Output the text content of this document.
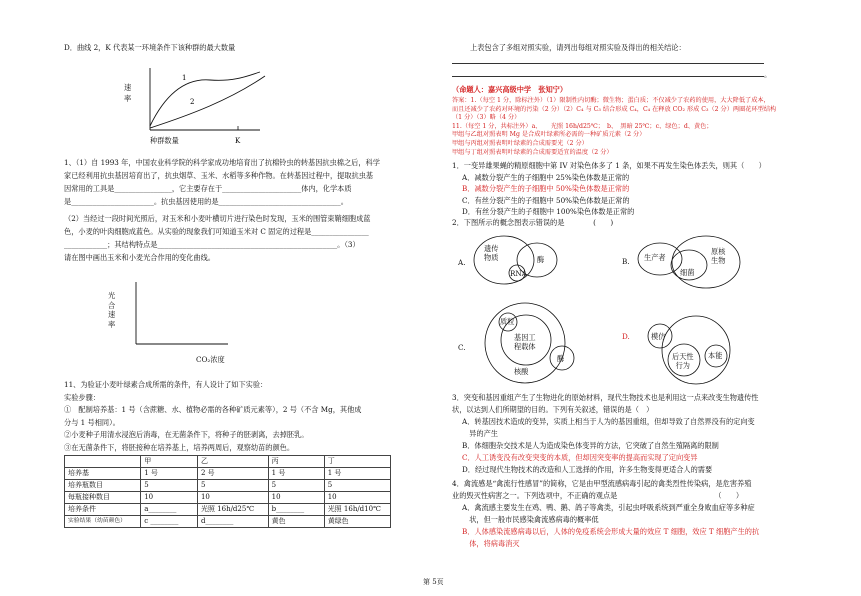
D．曲线 2，K 代表某一环境条件下该种群的最大数量
1
2
K
速
率
种群数量
1、（1）自 1993 年，中国农业科学院的科学家成功地培育出了抗棉铃虫的转基因抗虫棉之后，科学
家已经利用抗虫基因培育出了，抗虫烟草、玉米、水稻等多种作物。在转基因过程中，提取抗虫基
因常用的工具是________________，它主要存在于______________________体内，化学本质
是_______________________。抗虫基因使用的是__________________________________。
（2）当经过一段时间光照后，对玉米和小麦叶横切片进行染色时发现，玉米的围管束鞘细胞成蓝
色，小麦的叶肉细胞成蓝色。从实验的现象我们可知道玉米对 C 固定的过程是________________
____________；其结构特点是__________________________________________________。（3）
请在图中画出玉米和小麦光合作用的变化曲线。
光
合
速
率
CO₂浓度
11、为验证小麦叶绿素合成所需的条件，有人设计了如下实验：
实验步骤：
①　配制培养基：1 号（含蔗糖、水、植物必需的各种矿质元素等），2 号（不含 Mg，其他成
分与 1 号相同）。
②小麦种子用清水浸泡后消毒，在无菌条件下，将种子的胚剥离，去掉胚乳。
③在无菌条件下，将胚接种在培养基上，培养两周后，观察幼苗的颜色。
	甲	乙	丙	丁
培养基	1 号	2 号	1 号	1 号
培养瓶数目	5	5	5	5
每瓶接种数目	10	10	10	10
培养条件	a________	光照 16h/d25℃	b________	光照 16h/d10℃
实验结果（幼苗颜色）	c ________	d________	黄色	黄绿色
上表包含了多组对照实验，请列出每组对照实验及得出的相关结论：
。
（命题人：嘉兴高级中学　张知宁）
答案：1.（每空 1 分，除标注外）（1）限制性内切酶；微生物；蛋白质；不仅减少了农药的使用，大大降低了成本，
而且还减少了农药对环境的污染（2 分）（2）C₄ 与 C₃ 结合形成 C₄，C₄ 在释放 CO₂ 形成 C₃（2 分）两圈花环型结构
（1 分）（3）略（4 分）
11.（每空 1 分，共标注外）a、　　光照 16h/d25℃；　b、　黑暗 25℃；c、绿色；d、黄色；
甲组与乙组对照表明 Mg 是合成叶绿素所必需的一种矿质元素（2 分）
甲组与丙组对照表明叶绿素的合成需要光（2 分）
甲组与丁组对照表明叶绿素的合成需要适宜的温度（2 分）
1．一变异雄果蝇的精原细胞中第 IV 对染色体多了 1 条，如果不再发生染色体丢失，则其（　　）
A．减数分裂产生的子细胞中 25%染色体数是正常的
B．减数分裂产生的子细胞中 50%染色体数是正常的
C．有丝分裂产生的子细胞中 50%染色体数是正常的
D．有丝分裂产生的子细胞中 100%染色体数是正常的
2．下图所示的概念图表示错误的是　　　　(　　)
A.
遗传
物质
RNA
酶	B. 生产者
细菌
原核
生物
C.
质粒
基因工
程载体
核酸
酶
D.	模仿
后天性
行为
本能
3．突变和基因重组产生了生物进化的原始材料，现代生物技术也是利用这一点来改变生物遗传性
状，以达到人们所期望的目的。下列有关叙述，错误的是（　）
A．转基因技术造成的变异，实质上相当于人为的基因重组，但却导致了自然界没有的定向变
　异的产生
B．体细胞杂交技术是人为造成染色体变异的方法，它突破了自然生殖隔离的限制
C．人工诱变没有改变突变的本质，但却因突变率的提高而实现了定向变异
D．经过现代生物技术的改造和人工选择的作用，许多生物变得更适合人的需要
4．禽流感是“禽流行性感冒”的简称，它是由甲型流感病毒引起的禽类烈性传染病，是危害养殖
业的毁灭性病害之一。下列选项中，不正确的观点是　　　　　　　　　　　　　　（　　）
A．禽流感主要发生在鸡、鸭、鹅、鸽子等禽类，引起虫呼吸系统到严重全身败血症等多种症
　状，但一般市民感染禽流感病毒的概率低
B．人体感染流感病毒以后，人体的免疫系统会形成大量的效应 T 细胞，效应 T 细胞产生的抗
　体，将病毒消灭
第 5页
